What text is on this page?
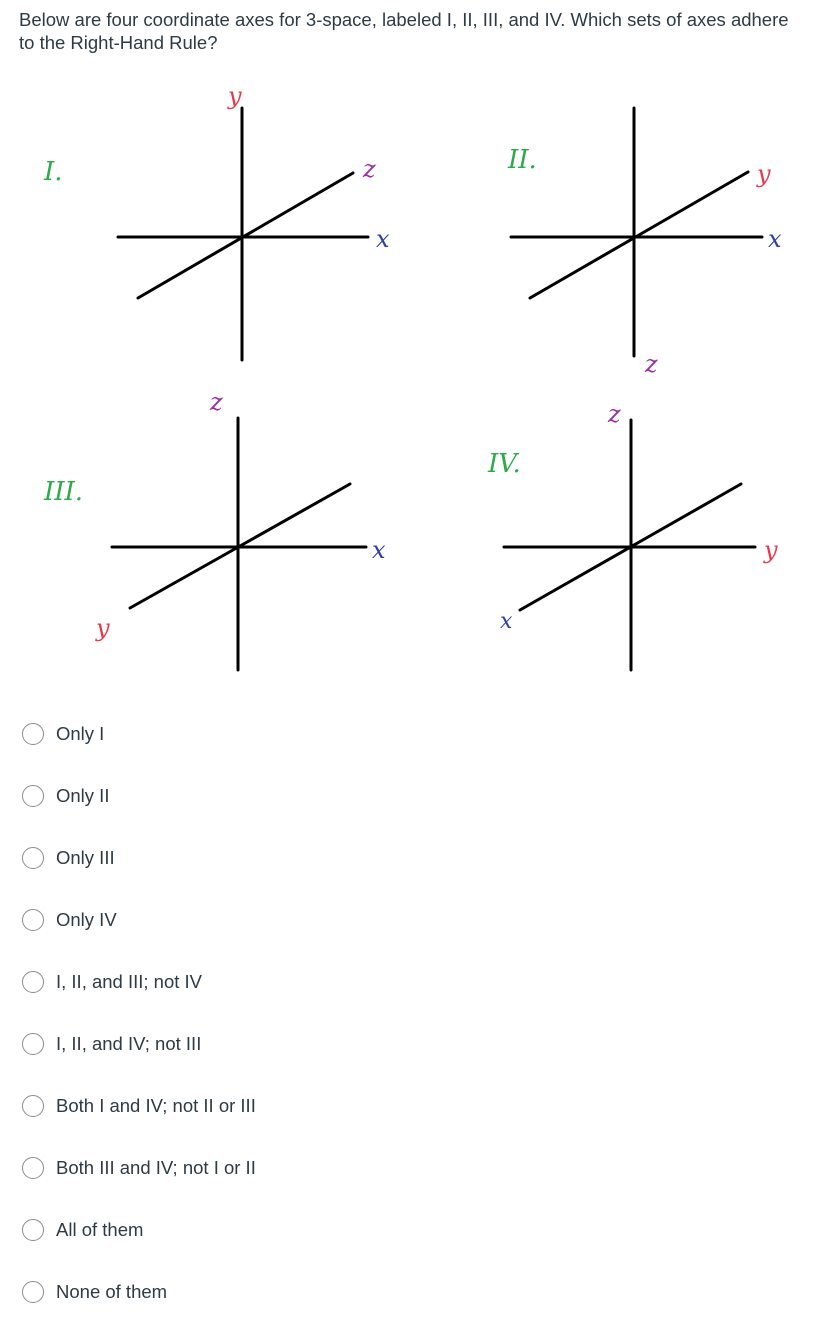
Below are four coordinate axes for 3-space, labeled I, II, III, and IV. Which sets of axes adhere to the Right-Hand Rule?
I.
y
x
z	II.
x
y
z
III.
z
x
y
IV.
z
y
x
Only I
Only II
Only III
Only IV
I, II, and III; not IV
I, II, and IV; not III
Both I and IV; not II or III
Both III and IV; not I or II
All of them
None of them
